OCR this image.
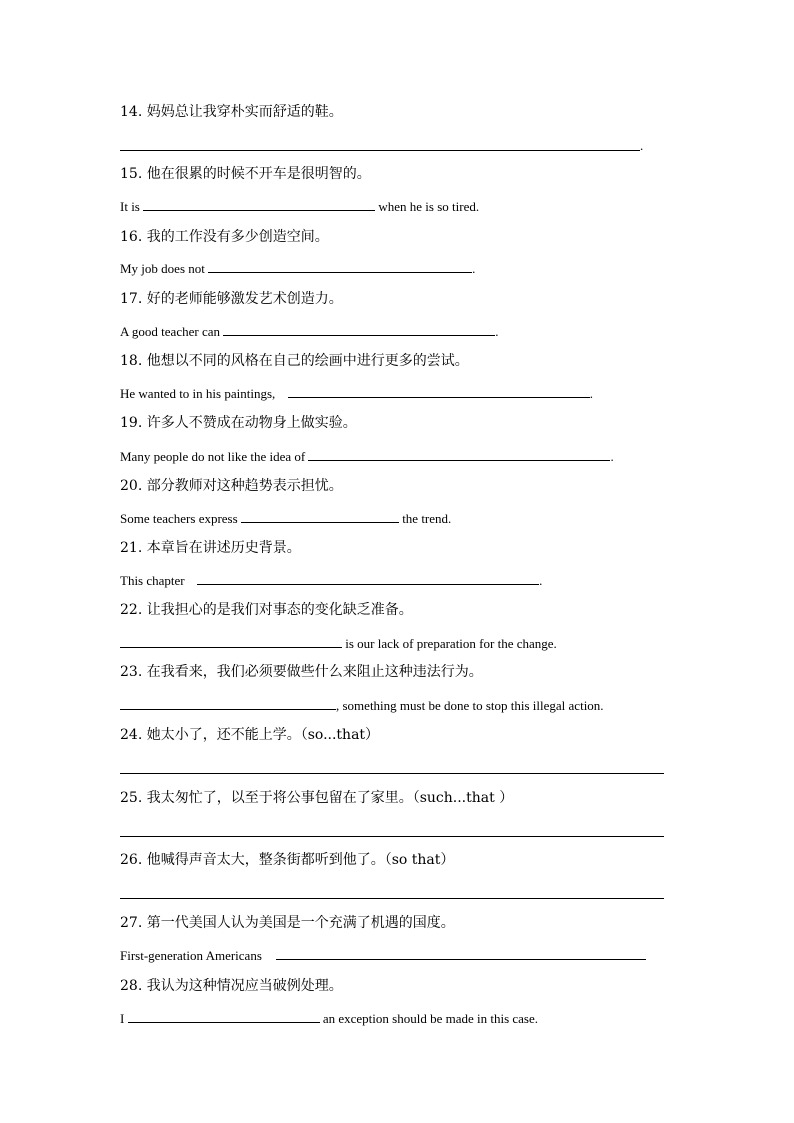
14. 妈妈总让我穿朴实而舒适的鞋。
.
15. 他在很累的时候不开车是很明智的。
It is	when he is so tired.
16. 我的工作没有多少创造空间。
My job does not	.
17. 好的老师能够激发艺术创造力。
A good teacher can	.
18. 他想以不同的风格在自己的绘画中进行更多的尝试。
He wanted to in his paintings,	.
19. 许多人不赞成在动物身上做实验。
Many people do not like the idea of	.
20. 部分教师对这种趋势表示担忧。
Some teachers express	the trend.
21. 本章旨在讲述历史背景。
This chapter	.
22. 让我担心的是我们对事态的变化缺乏准备。
is our lack of preparation for the change.
23. 在我看来，我们必须要做些什么来阻止这种违法行为。
, something must be done to stop this illegal action.
24. 她太小了，还不能上学。（so...that）
25. 我太匆忙了，以至于将公事包留在了家里。（such...that ）
26. 他喊得声音太大，整条街都听到他了。（so that）
27. 第一代美国人认为美国是一个充满了机遇的国度。
First-generation Americans
28. 我认为这种情况应当破例处理。
I	an exception should be made in this case.
